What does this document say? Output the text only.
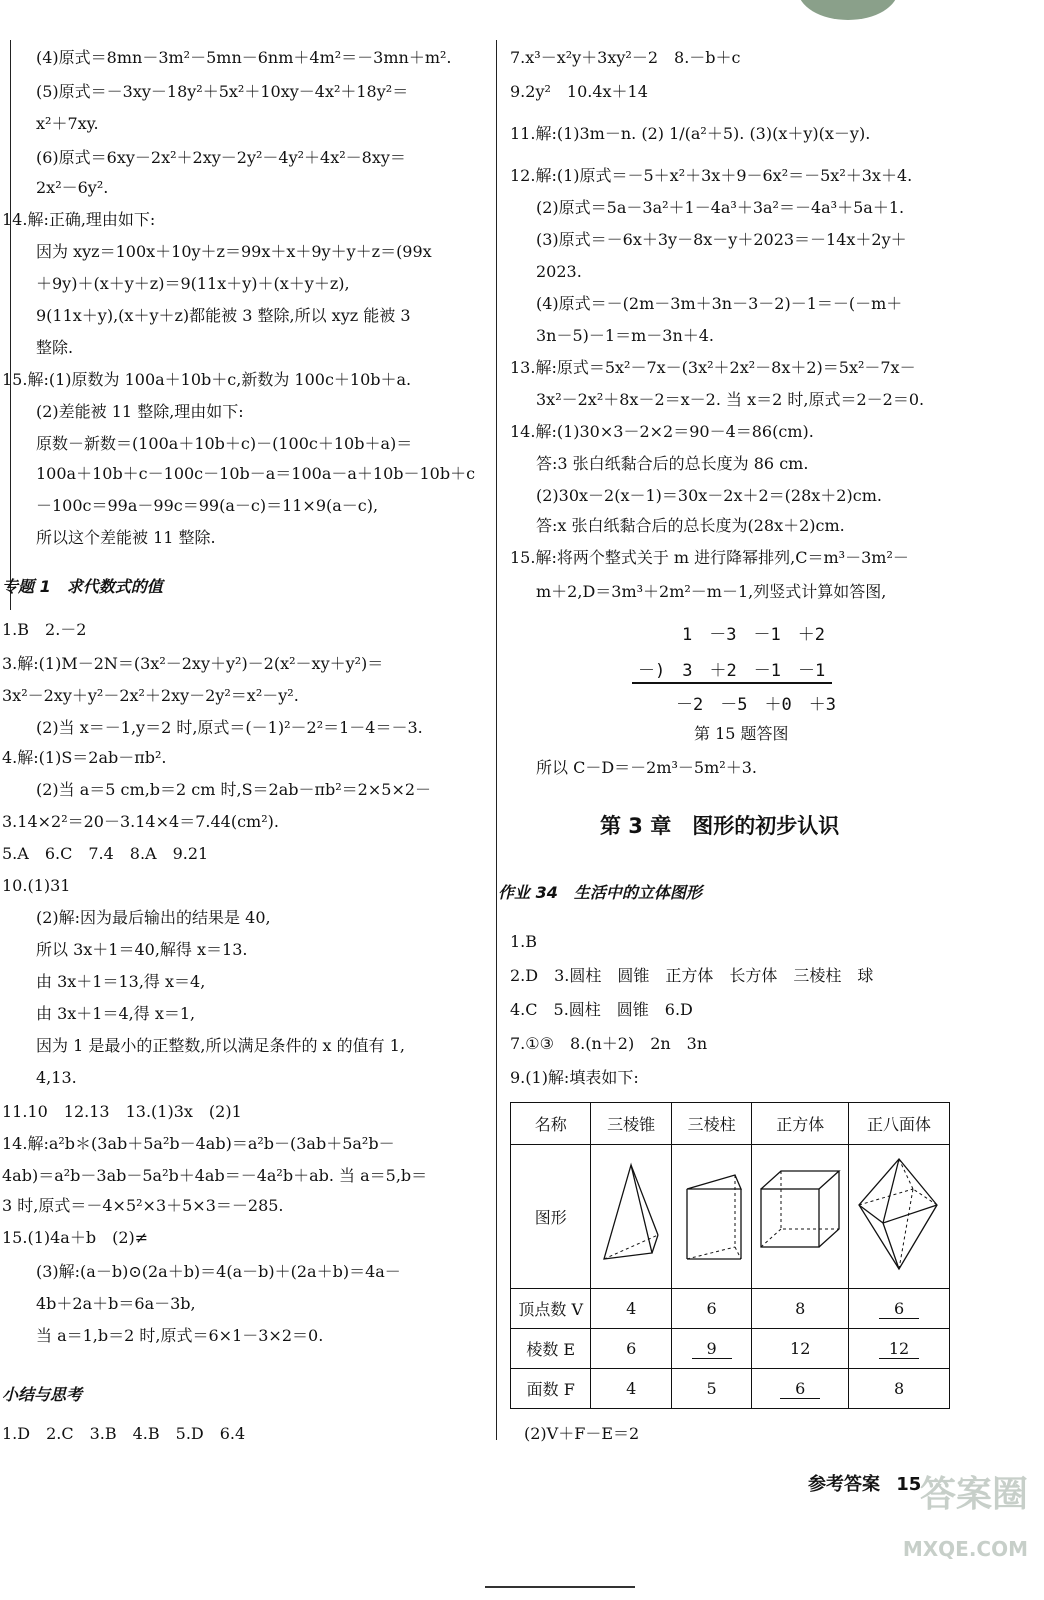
(4)原式＝8mn－3m²－5mn－6nm＋4m²＝－3mn＋m².
(5)原式＝－3xy－18y²＋5x²＋10xy－4x²＋18y²＝
x²＋7xy.
(6)原式＝6xy－2x²＋2xy－2y²－4y²＋4x²－8xy＝
2x²－6y².
14.解:正确,理由如下:
因为 xyz＝100x＋10y＋z＝99x＋x＋9y＋y＋z＝(99x
＋9y)＋(x＋y＋z)＝9(11x＋y)＋(x＋y＋z),
9(11x＋y),(x＋y＋z)都能被 3 整除,所以 xyz 能被 3
整除.
15.解:(1)原数为 100a＋10b＋c,新数为 100c＋10b＋a.
(2)差能被 11 整除,理由如下:
原数－新数＝(100a＋10b＋c)－(100c＋10b＋a)＝
100a＋10b＋c－100c－10b－a＝100a－a＋10b－10b＋c
－100c＝99a－99c＝99(a－c)＝11×9(a－c),
所以这个差能被 11 整除.
专题 1　求代数式的值
1.B　2.－2
3.解:(1)M－2N＝(3x²－2xy＋y²)－2(x²－xy＋y²)＝
3x²－2xy＋y²－2x²＋2xy－2y²＝x²－y².
(2)当 x＝－1,y＝2 时,原式＝(－1)²－2²＝1－4＝－3.
4.解:(1)S＝2ab－πb².
(2)当 a＝5 cm,b＝2 cm 时,S＝2ab－πb²＝2×5×2－
3.14×2²＝20－3.14×4＝7.44(cm²).
5.A　6.C　7.4　8.A　9.21
10.(1)31
(2)解:因为最后输出的结果是 40,
所以 3x＋1＝40,解得 x＝13.
由 3x＋1＝13,得 x＝4,
由 3x＋1＝4,得 x＝1,
因为 1 是最小的正整数,所以满足条件的 x 的值有 1,
4,13.
11.10　12.13　13.(1)3x　(2)1
14.解:a²b＊(3ab＋5a²b－4ab)＝a²b－(3ab＋5a²b－
4ab)＝a²b－3ab－5a²b＋4ab＝－4a²b＋ab. 当 a＝5,b＝
3 时,原式＝－4×5²×3＋5×3＝－285.
15.(1)4a＋b　(2)≠
(3)解:(a－b)⊙(2a＋b)＝4(a－b)＋(2a＋b)＝4a－
4b＋2a＋b＝6a－3b,
当 a＝1,b＝2 时,原式＝6×1－3×2＝0.
小结与思考
1.D　2.C　3.B　4.B　5.D　6.4
7.x³－x²y＋3xy²－2　8.－b＋c
9.2y²　10.4x＋14
11.解:(1)3m－n. (2) 1/(a²＋5). (3)(x＋y)(x－y).
12.解:(1)原式＝－5＋x²＋3x＋9－6x²＝－5x²＋3x＋4.
(2)原式＝5a－3a²＋1－4a³＋3a²＝－4a³＋5a＋1.
(3)原式＝－6x＋3y－8x－y＋2023＝－14x＋2y＋
2023.
(4)原式＝－(2m－3m＋3n－3－2)－1＝－(－m＋
3n－5)－1＝m－3n＋4.
13.解:原式＝5x²－7x－(3x²＋2x²－8x＋2)＝5x²－7x－
3x²－2x²＋8x－2＝x－2. 当 x＝2 时,原式＝2－2＝0.
14.解:(1)30×3－2×2＝90－4＝86(cm).
答:3 张白纸黏合后的总长度为 86 cm.
(2)30x－2(x－1)＝30x－2x＋2＝(28x＋2)cm.
答:x 张白纸黏合后的总长度为(28x＋2)cm.
15.解:将两个整式关于 m 进行降幂排列,C＝m³－3m²－
m＋2,D＝3m³＋2m²－m－1,列竖式计算如答图,
1　－3　－1　＋2
－)　3　＋2　－1　－1
－2　－5　＋0　＋3
第 15 题答图
所以 C－D＝－2m³－5m²＋3.
第 3 章　图形的初步认识
作业 34　生活中的立体图形
1.B
2.D　3.圆柱　圆锥　正方体　长方体　三棱柱　球
4.C　5.圆柱　圆锥　6.D
7.①③　8.(n＋2)　2n　3n
9.(1)解:填表如下:
名称	三棱锥	三棱柱	正方体	正八面体
图形				
顶点数 V	4	6	8	6
棱数 E	6	9	12	12
面数 F	4	5	6	8
(2)V＋F－E＝2
参考答案 15
答案圈
MXQE.COM
